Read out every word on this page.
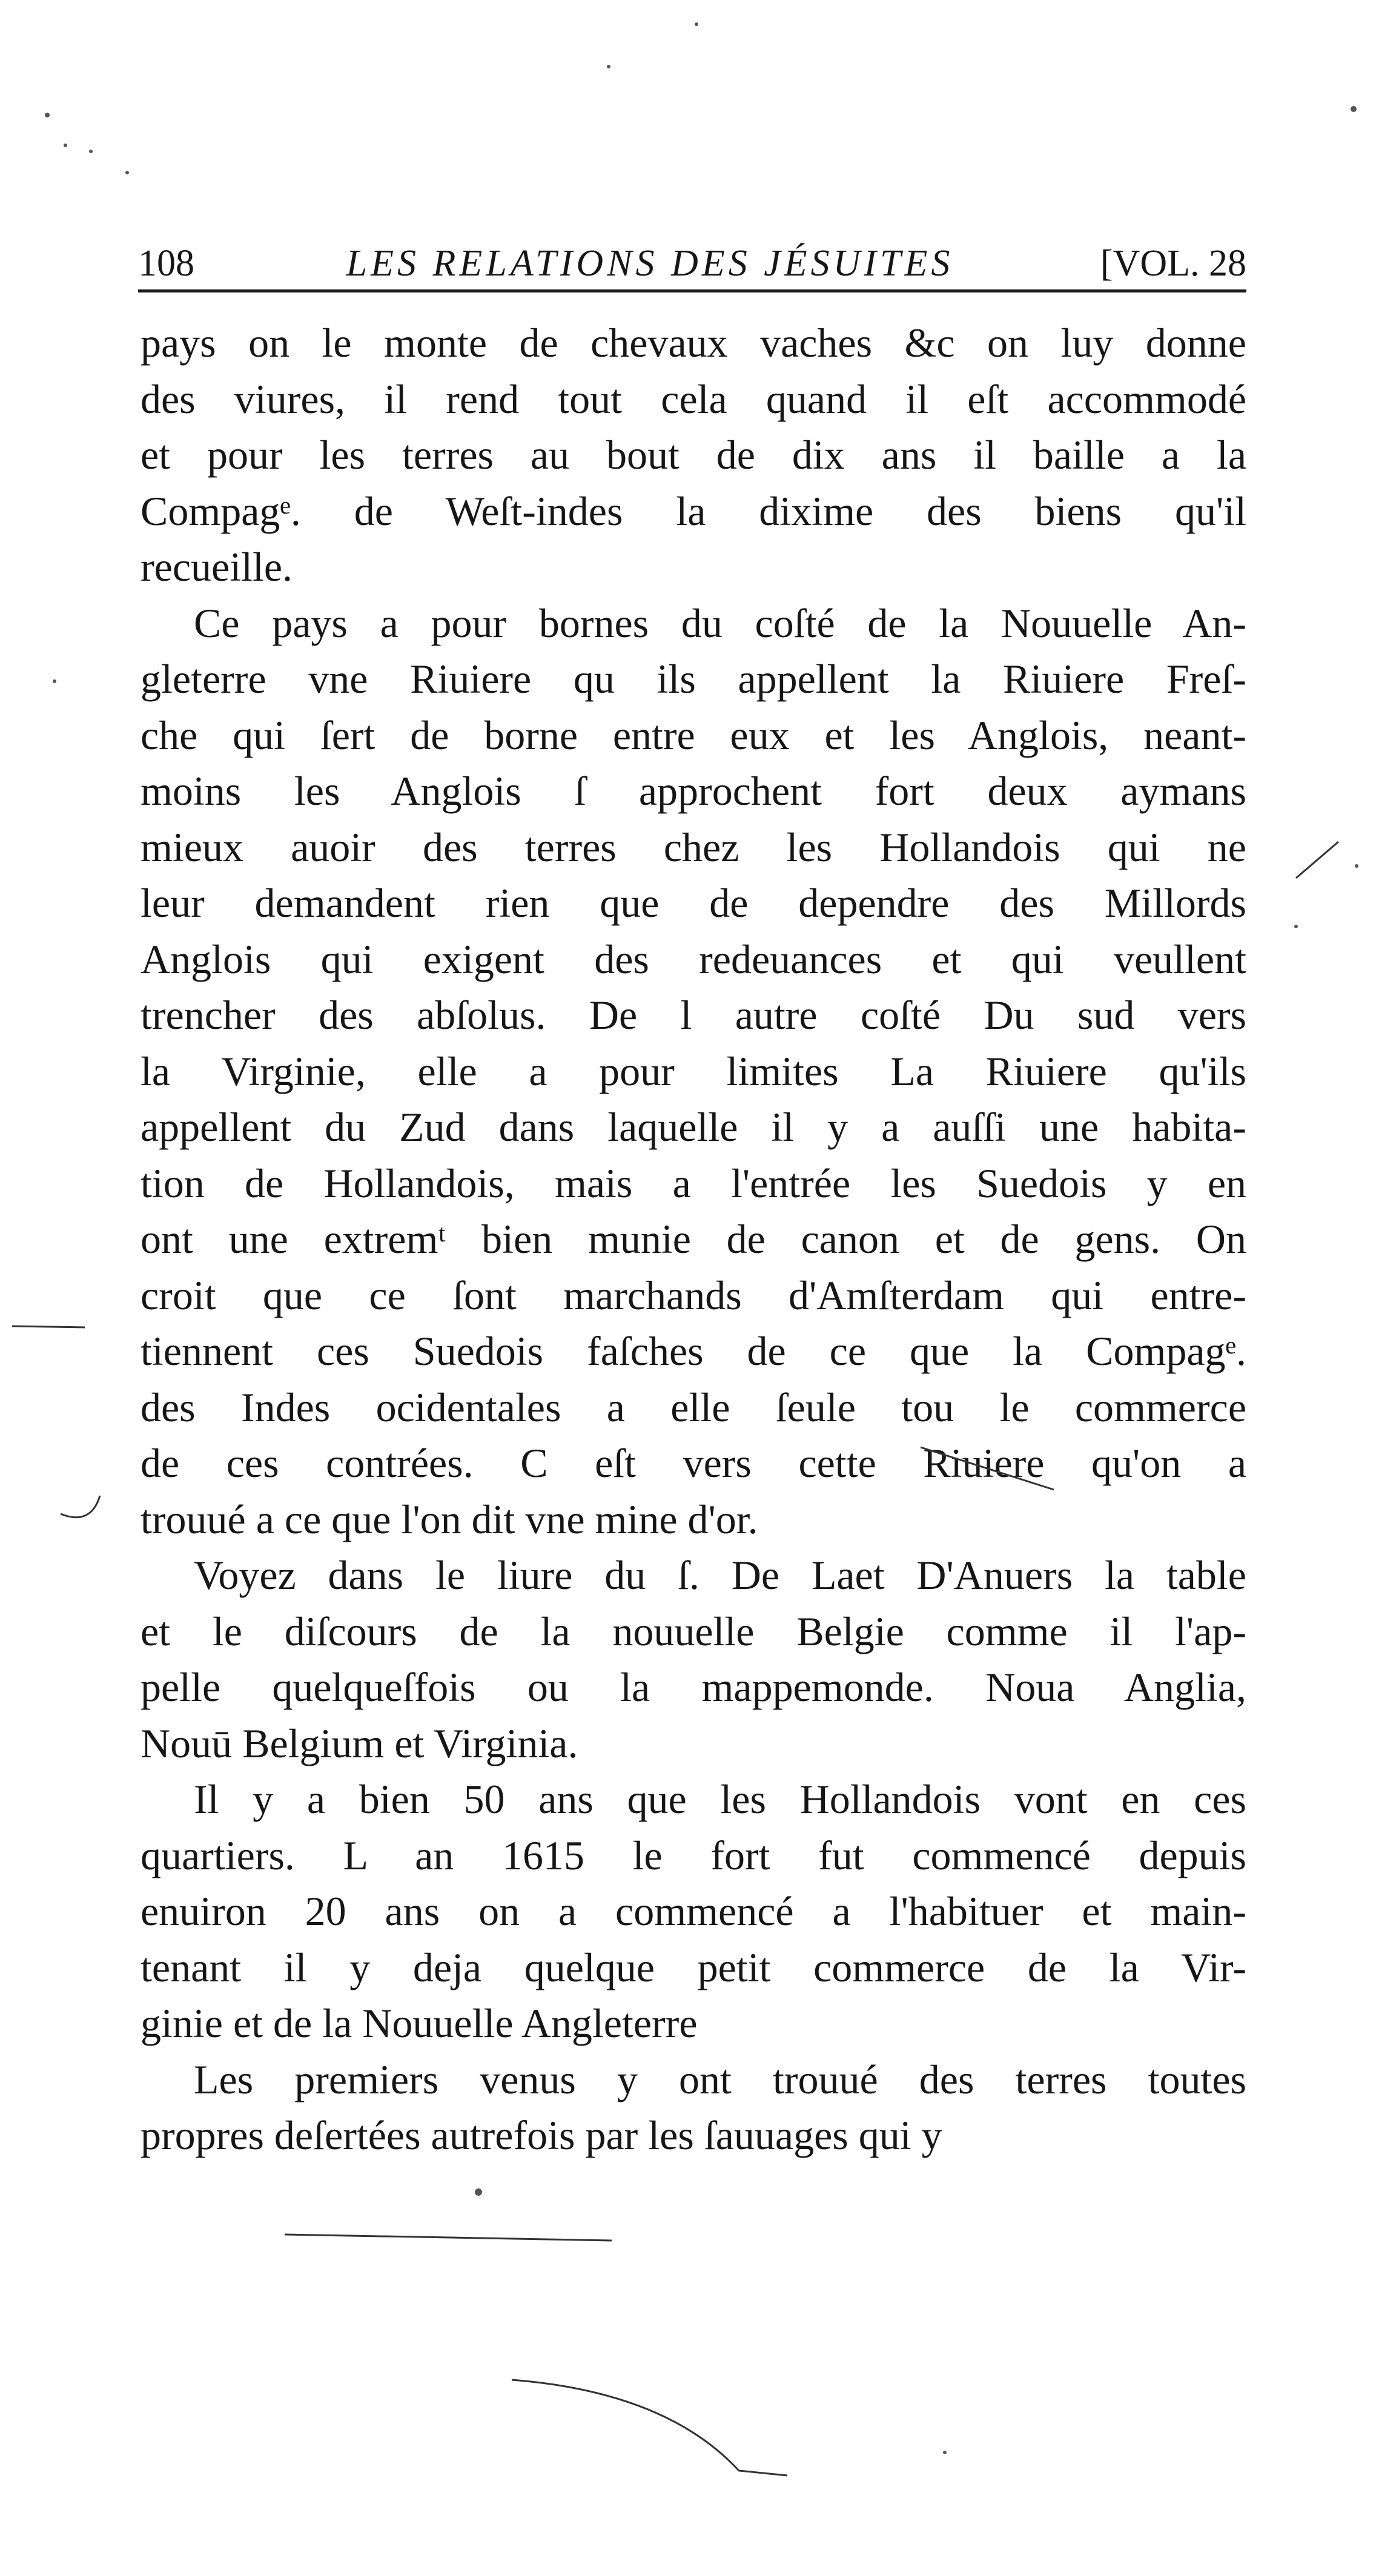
108	LES RELATIONS DES JÉSUITES	[VOL. 28
pays on le monte de chevaux vaches &c on luy donne
des viures, il rend tout cela quand il eſt accommodé
et pour les terres au bout de dix ans il baille a la
Compagᵉ. de Weſt-indes la dixime des biens qu'il
recueille.
Ce pays a pour bornes du coſté de la Nouuelle An-
gleterre vne Riuiere qu ils appellent la Riuiere Freſ-
che qui ſert de borne entre eux et les Anglois, neant-
moins les Anglois ſ approchent fort deux aymans
mieux auoir des terres chez les Hollandois qui ne
leur demandent rien que de dependre des Millords
Anglois qui exigent des redeuances et qui veullent
trencher des abſolus. De l autre coſté Du sud vers
la Virginie, elle a pour limites La Riuiere qu'ils
appellent du Zud dans laquelle il y a auſſi une habita-
tion de Hollandois, mais a l'entrée les Suedois y en
ont une extremᵗ bien munie de canon et de gens. On
croit que ce ſont marchands d'Amſterdam qui entre-
tiennent ces Suedois faſches de ce que la Compagᵉ.
des Indes ocidentales a elle ſeule tou le commerce
de ces contrées. C eſt vers cette Riuiere qu'on a
trouué a ce que l'on dit vne mine d'or.
Voyez dans le liure du ſ. De Laet D'Anuers la table
et le diſcours de la nouuelle Belgie comme il l'ap-
pelle quelqueſfois ou la mappemonde. Noua Anglia,
Nouū Belgium et Virginia.
Il y a bien 50 ans que les Hollandois vont en ces
quartiers. L an 1615 le fort fut commencé depuis
enuiron 20 ans on a commencé a l'habituer et main-
tenant il y deja quelque petit commerce de la Vir-
ginie et de la Nouuelle Angleterre
Les premiers venus y ont trouué des terres toutes
propres deſertées autrefois par les ſauuages qui y
